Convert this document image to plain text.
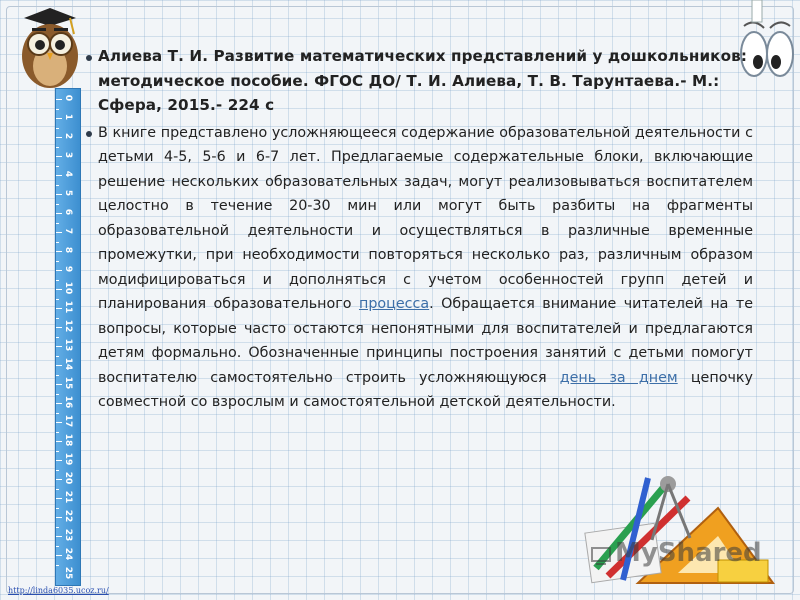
0
1
2
3
4
5
6
7
8
9
10
11
12
13
14
15
16
17
18
19
20
21
22
23
24
25

Алиева Т. И. Развитие математических представлений у дошкольников: методическое пособие. ФГОС ДО/ Т. И. Алиева, Т. В. Тарунтаева.- М.: Сфера, 2015.- 224 с

В книге представлено усложняющееся содержание образовательной деятельности с детьми 4-5, 5-6 и 6-7 лет. Предлагаемые содержательные блоки, включающие решение нескольких образовательных задач, могут реализовываться воспитателем целостно в течение 20-30 мин или могут быть разбиты на фрагменты образовательной деятельности и осуществляться в различные временные промежутки, при необходимости повторяться несколько раз, различным образом модифицироваться и дополняться с учетом особенностей групп детей и планирования образовательного процесса. Обращается внимание читателей на те вопросы, которые часто остаются непонятными для воспитателей и предлагаются детям формально. Обозначенные принципы построения занятий с детьми помогут воспитателю самостоятельно строить усложняющуюся день за днем цепочку совместной со взрослым и самостоятельной детской деятельности.

MyShared
http://linda6035.ucoz.ru/
